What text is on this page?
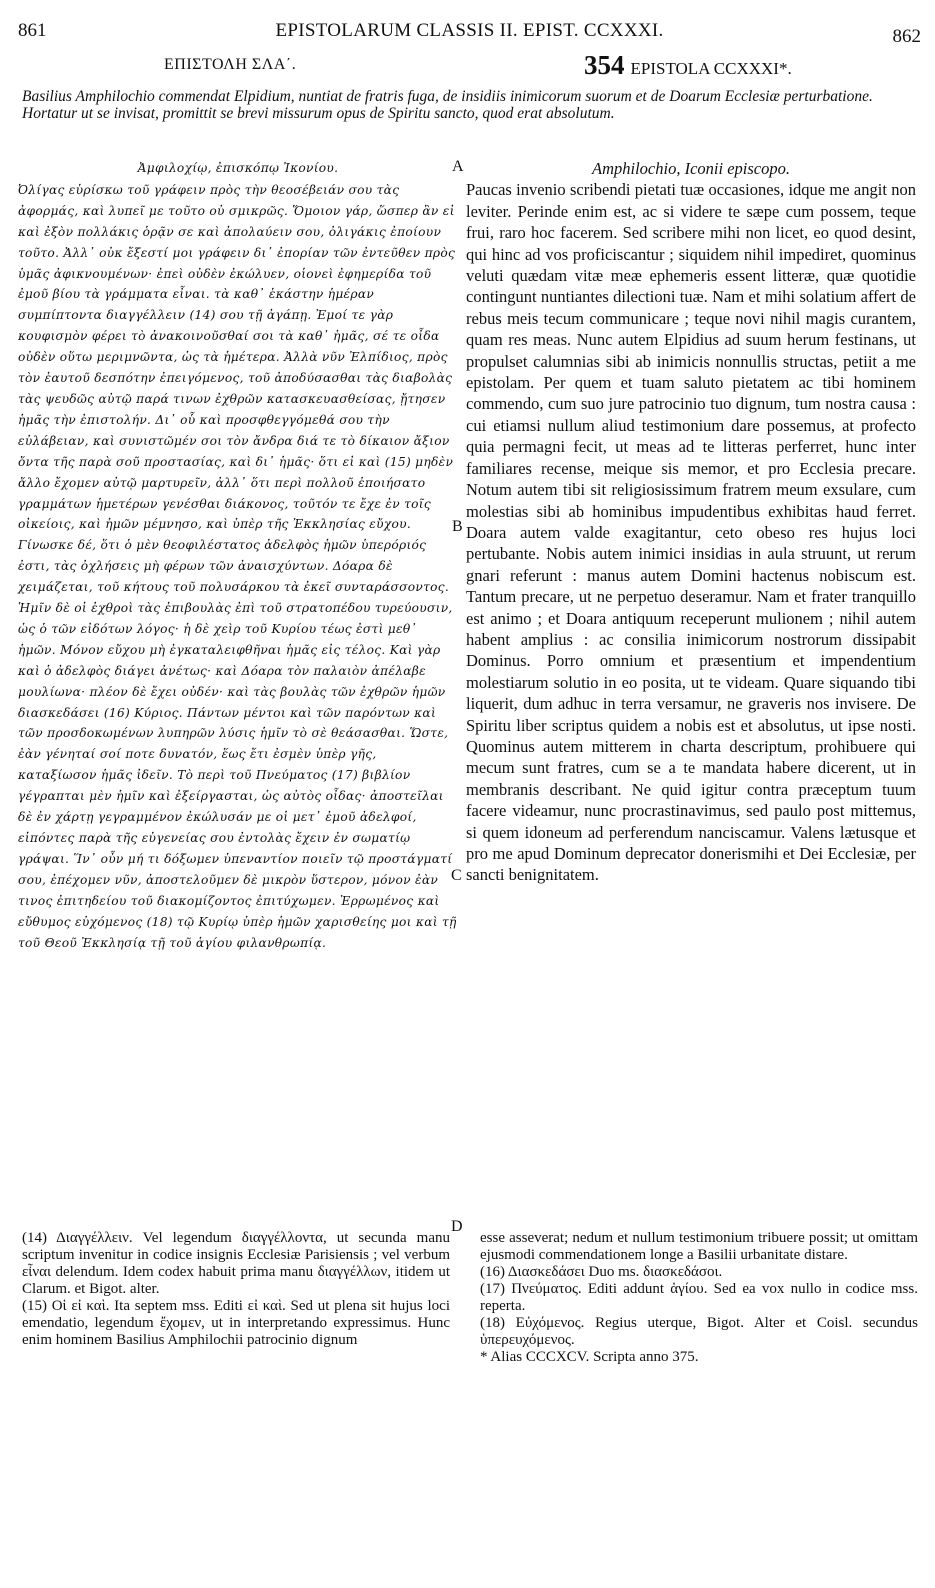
861	EPISTOLARUM CLASSIS II. EPIST. CCXXXI.	862
ΕΠΙΣΤΟΛΗ ΣΛΑ΄.	354 EPISTOLA CCXXXI*.
Basilius Amphilochio commendat Elpidium, nuntiat de fratris fuga, de insidiis inimicorum suorum et de Doarum Ecclesiæ perturbatione. Hortatur ut se invisat, promittit se brevi missurum opus de Spiritu sancto, quod erat absolutum.
Ἀμφιλοχίῳ, ἐπισκόπῳ Ἰκονίου.

Ὀλίγας εὑρίσκω τοῦ γράφειν πρὸς τὴν θεοσέβειάν σου τὰς ἀφορμάς, καὶ λυπεῖ με τοῦτο οὐ σμικρῶς. Ὅμοιον γάρ, ὥσπερ ἂν εἰ καὶ ἐξὸν πολλάκις ὁρᾷν σε καὶ ἀπολαύειν σου, ὀλιγάκις ἐποίουν τοῦτο. Ἀλλ᾽ οὐκ ἔξεστί μοι γράφειν δι᾽ ἐπορίαν τῶν ἐντεῦθεν πρὸς ὑμᾶς ἀφικνουμένων· ἐπεὶ οὐδὲν ἐκώλυεν, οἱονεὶ ἐφημερίδα τοῦ ἐμοῦ βίου τὰ γράμματα εἶναι. τὰ καθ᾽ ἑκάστην ἡμέραν συμπίπτοντα διαγγέλλειν (14) σου τῇ ἀγάπῃ. Ἐμοί τε γὰρ κουφισμὸν φέρει τὸ ἀνακοινοῦσθαί σοι τὰ καθ᾽ ἡμᾶς, σέ τε οἶδα οὐδὲν οὕτω μεριμνῶντα, ὡς τὰ ἡμέτερα. Ἀλλὰ νῦν Ἐλπίδιος, πρὸς τὸν ἑαυτοῦ δεσπότην ἐπειγόμενος, τοῦ ἀποδύσασθαι τὰς διαβολὰς τὰς ψευδῶς αὐτῷ παρά τινων ἐχθρῶν κατασκευασθείσας, ᾔτησεν ἡμᾶς τὴν ἐπιστολήν. Δι᾽ οὗ καὶ προσφθεγγόμεθά σου τὴν εὐλάβειαν, καὶ συνιστῶμέν σοι τὸν ἄνδρα διά τε τὸ δίκαιον ἄξιον ὄντα τῆς παρὰ σοῦ προστασίας, καὶ δι᾽ ἡμᾶς· ὅτι εἰ καὶ (15) μηδὲν ἄλλο ἔχομεν αὐτῷ μαρτυρεῖν, ἀλλ᾽ ὅτι περὶ πολλοῦ ἐποιήσατο γραμμάτων ἡμετέρων γενέσθαι διάκονος, τοῦτόν τε ἔχε ἐν τοῖς οἰκείοις, καὶ ἡμῶν μέμνησο, καὶ ὑπὲρ τῆς Ἐκκλησίας εὔχου. Γίνωσκε δέ, ὅτι ὁ μὲν θεοφιλέστατος ἀδελφὸς ἡμῶν ὑπερόριός ἐστι, τὰς ὀχλήσεις μὴ φέρων τῶν ἀναισχύντων. Δόαρα δὲ χειμάζεται, τοῦ κήτους τοῦ πολυσάρκου τὰ ἐκεῖ συνταράσσοντος. Ἡμῖν δὲ οἱ ἐχθροὶ τὰς ἐπιβουλὰς ἐπὶ τοῦ στρατοπέδου τυρεύουσιν, ὡς ὁ τῶν εἰδότων λόγος· ἡ δὲ χεὶρ τοῦ Κυρίου τέως ἐστὶ μεθ᾽ ἡμῶν. Μόνον εὔχου μὴ ἐγκαταλειφθῆναι ἡμᾶς εἰς τέλος. Καὶ γὰρ καὶ ὁ ἀδελφὸς διάγει ἀνέτως· καὶ Δόαρα τὸν παλαιὸν ἀπέλαβε μουλίωνα· πλέον δὲ ἔχει οὐδέν· καὶ τὰς βουλὰς τῶν ἐχθρῶν ἡμῶν διασκεδάσει (16) Κύριος. Πάντων μέντοι καὶ τῶν παρόντων καὶ τῶν προσδοκωμένων λυπηρῶν λύσις ἡμῖν τὸ σὲ θεάσασθαι. Ὥστε, ἐὰν γένηταί σοί ποτε δυνατόν, ἕως ἔτι ἐσμὲν ὑπὲρ γῆς, καταξίωσον ἡμᾶς ἰδεῖν. Τὸ περὶ τοῦ Πνεύματος (17) βιβλίον γέγραπται μὲν ἡμῖν καὶ ἐξείργασται, ὡς αὐτὸς οἶδας· ἀποστεῖλαι δὲ ἐν χάρτῃ γεγραμμένον ἐκώλυσάν με οἱ μετ᾽ ἐμοῦ ἀδελφοί, εἰπόντες παρὰ τῆς εὐγενείας σου ἐντολὰς ἔχειν ἐν σωματίῳ γράψαι. Ἵν᾽ οὖν μή τι δόξωμεν ὑπεναντίον ποιεῖν τῷ προστάγματί σου, ἐπέχομεν νῦν, ἀποστελοῦμεν δὲ μικρὸν ὕστερον, μόνον ἐὰν τινος ἐπιτηδείου τοῦ διακομίζοντος ἐπιτύχωμεν. Ἐρρωμένος καὶ εὔθυμος εὐχόμενος (18) τῷ Κυρίῳ ὑπὲρ ἡμῶν χαρισθείης μοι καὶ τῇ τοῦ Θεοῦ Ἐκκλησίᾳ τῇ τοῦ ἁγίου φιλανθρωπίᾳ.

Amphilochio, Iconii episcopo.

Paucas invenio scribendi pietati tuæ occasiones, idque me angit non leviter. Perinde enim est, ac si videre te sæpe cum possem, teque frui, raro hoc facerem. Sed scribere mihi non licet, eo quod desint, qui hinc ad vos proficiscantur ; siquidem nihil impediret, quominus veluti quædam vitæ meæ ephemeris essent litteræ, quæ quotidie contingunt nuntiantes dilectioni tuæ. Nam et mihi solatium affert de rebus meis tecum communicare ; teque novi nihil magis curantem, quam res meas. Nunc autem Elpidius ad suum herum festinans, ut propulset calumnias sibi ab inimicis nonnullis structas, petiit a me epistolam. Per quem et tuam saluto pietatem ac tibi hominem commendo, cum suo jure patrocinio tuo dignum, tum nostra causa : cui etiamsi nullum aliud testimonium dare possemus, at profecto quia permagni fecit, ut meas ad te litteras perferret, hunc inter familiares recense, meique sis memor, et pro Ecclesia precare. Notum autem tibi sit religiosissimum fratrem meum exsulare, cum molestias sibi ab hominibus impudentibus exhibitas haud ferret. Doara autem valde exagitantur, ceto obeso res hujus loci pertubante. Nobis autem inimici insidias in aula struunt, ut rerum gnari referunt : manus autem Domini hactenus nobiscum est. Tantum precare, ut ne perpetuo deseramur. Nam et frater tranquillo est animo ; et Doara antiquum receperunt mulionem ; nihil autem habent amplius : ac consilia inimicorum nostrorum dissipabit Dominus. Porro omnium et præsentium et impendentium molestiarum solutio in eo posita, ut te videam. Quare siquando tibi liquerit, dum adhuc in terra versamur, ne graveris nos invisere. De Spiritu liber scriptus quidem a nobis est et absolutus, ut ipse nosti. Quominus autem mitterem in charta descriptum, prohibuere qui mecum sunt fratres, cum se a te mandata habere dicerent, ut in membranis describant. Ne quid igitur contra præceptum tuum facere videamur, nunc procrastinavimus, sed paulo post mittemus, si quem idoneum ad perferendum nanciscamur. Valens lætusque et pro me apud Dominum deprecator donerismihi et Dei Ecclesiæ, per sancti benignitatem.

A
B
C
D

(14) Διαγγέλλειν. Vel legendum διαγγέλλοντα, ut secunda manu scriptum invenitur in codice insignis Ecclesiæ Parisiensis ; vel verbum εἶναι delendum. Idem codex habuit prima manu διαγγέλλων, itidem ut Clarum. et Bigot. alter.

(15) Οἱ εἰ καὶ. Ita septem mss. Editi εἰ καὶ. Sed ut plena sit hujus loci emendatio, legendum ἔχομεν, ut in interpretando expressimus. Hunc enim hominem Basilius Amphilochii patrocinio dignum

esse asseverat; nedum et nullum testimonium tribuere possit; ut omittam ejusmodi commendationem longe a Basilii urbanitate distare.

(16) Διασκεδάσει Duo ms. διασκεδάσοι.

(17) Πνεύματος. Editi addunt ἁγίου. Sed ea vox nullo in codice mss. reperta.

(18) Εὐχόμενος. Regius uterque, Bigot. Alter et Coisl. secundus ὑπερευχόμενος.

* Alias CCCXCV. Scripta anno 375.
